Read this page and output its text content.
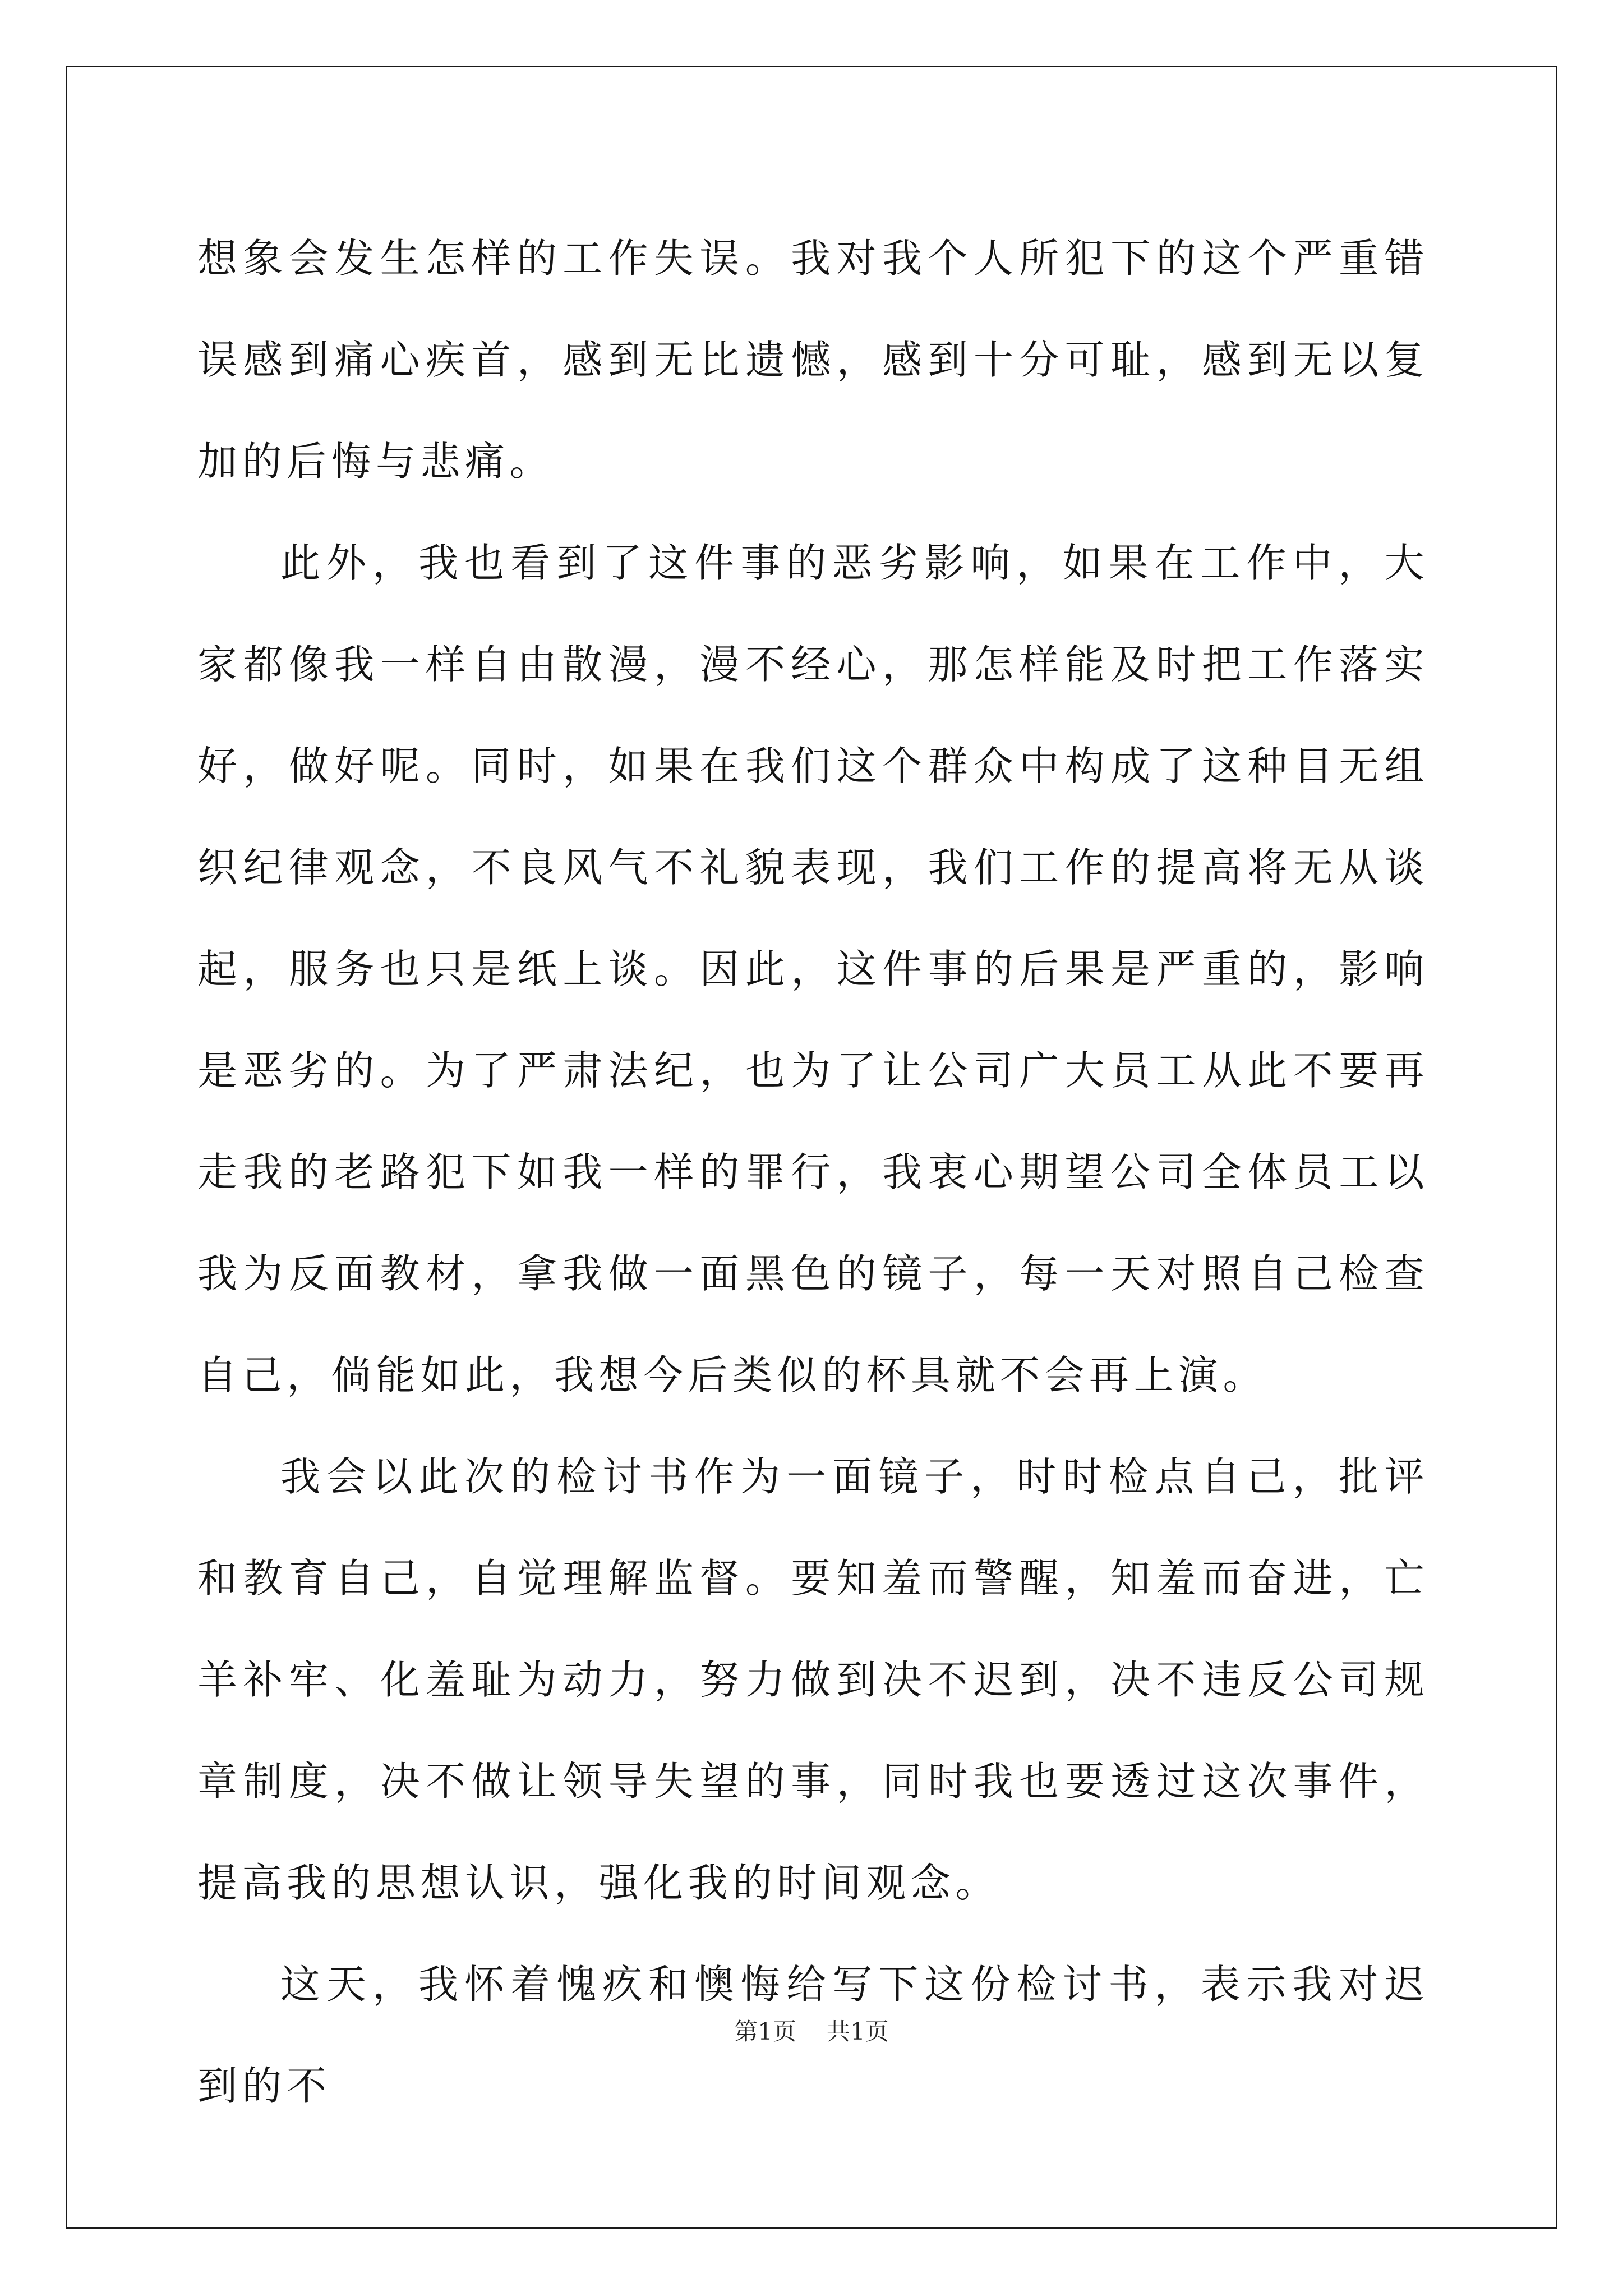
想象会发生怎样的工作失误。我对我个人所犯下的这个严重错误感到痛心疾首，感到无比遗憾，感到十分可耻，感到无以复加的后悔与悲痛。

此外，我也看到了这件事的恶劣影响，如果在工作中，大家都像我一样自由散漫，漫不经心，那怎样能及时把工作落实好，做好呢。同时，如果在我们这个群众中构成了这种目无组织纪律观念，不良风气不礼貌表现，我们工作的提高将无从谈起，服务也只是纸上谈。因此，这件事的后果是严重的，影响是恶劣的。为了严肃法纪，也为了让公司广大员工从此不要再走我的老路犯下如我一样的罪行，我衷心期望公司全体员工以我为反面教材，拿我做一面黑色的镜子，每一天对照自己检查自己，倘能如此，我想今后类似的杯具就不会再上演。

我会以此次的检讨书作为一面镜子，时时检点自己，批评和教育自己，自觉理解监督。要知羞而警醒，知羞而奋进，亡羊补牢、化羞耻为动力，努力做到决不迟到，决不违反公司规章制度，决不做让领导失望的事，同时我也要透过这次事件，提高我的思想认识，强化我的时间观念。

这天，我怀着愧疚和懊悔给写下这份检讨书，表示我对迟到的不

第1页 共1页
